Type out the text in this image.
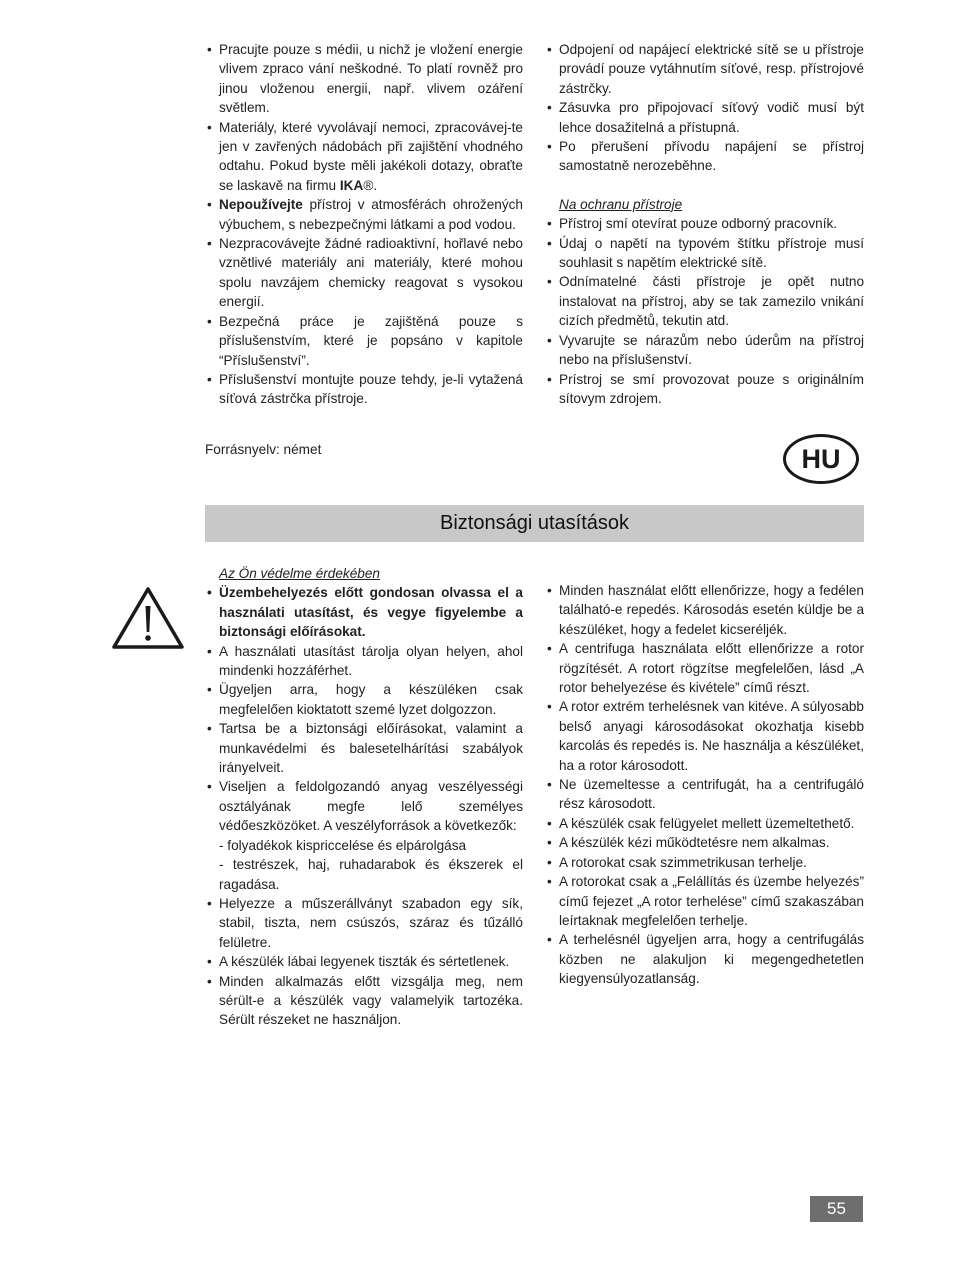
• Pracujte pouze s médii, u nichž je vložení energie vlivem zpraco vání neškodné. To platí rovněž pro jinou vloženou energii, např. vlivem ozáření světlem.
• Materiály, které vyvolávají nemoci, zpracovávej-te jen v zavřených nádobách při zajištění vhodného odtahu. Pokud byste měli jakékoli dotazy, obraťte se laskavě na firmu IKA®.
• Nepoužívejte přístroj v atmosférách ohrožených výbuchem, s nebezpečnými látkami a pod vodou.
• Nezpracovávejte žádné radioaktivní, hořlavé nebo vznětlivé materiály ani materiály, které mohou spolu navzájem chemicky reagovat s vysokou energií.
• Bezpečná práce je zajištěná pouze s příslušenstvím, které je popsáno v kapitole “Příslušenství”.
• Příslušenství montujte pouze tehdy, je-li vytažená síťová zástrčka přístroje.
• Odpojení od napájecí elektrické sítě se u přístroje provádí pouze vytáhnutím síťové, resp. přístrojové zástrčky.
• Zásuvka pro připojovací síťový vodič musí být lehce dosažitelná a přístupná.
• Po přerušení přívodu napájení se přístroj samostatně nerozeběhne.
Na ochranu přístroje
• Přístroj smí otevírat pouze odborný pracovník.
• Údaj o napětí na typovém štítku přístroje musí souhlasit s napětím elektrické sítě.
• Odnímatelné části přístroje je opět nutno instalovat na přístroj, aby se tak zamezilo vnikání cizích předmětů, tekutin atd.
• Vyvarujte se nárazům nebo úderům na přístroj nebo na příslušenství.
• Prístroj se smí provozovat pouze s originálním sítovym zdrojem.
Forrásnyelv: német	HU
Biztonsági utasítások
Az Ön védelme érdekében
• Üzembehelyezés előtt gondosan olvassa el a használati utasítást, és vegye figyelembe a biztonsági előírásokat.
• A használati utasítást tárolja olyan helyen, ahol mindenki hozzáférhet.
• Ügyeljen arra, hogy a készüléken csak megfelelően kioktatott szemé lyzet dolgozzon.
• Tartsa be a biztonsági előírásokat, valamint a munkavédelmi és balesetelhárítási szabályok irányelveit.
• Viseljen a feldolgozandó anyag veszélyességi osztályának megfe lelő személyes védőeszközöket. A veszélyforrások a következők:
- folyadékok kispriccelése és elpárolgása
- testrészek, haj, ruhadarabok és ékszerek el ragadása.
• Helyezze a műszerállványt szabadon egy sík, stabil, tiszta, nem csúszós, száraz és tűzálló felületre.
• A készülék lábai legyenek tiszták és sértetlenek.
• Minden alkalmazás előtt vizsgálja meg, nem sérült-e a készülék vagy valamelyik tartozéka. Sérült részeket ne használjon.
• Minden használat előtt ellenőrizze, hogy a fedélen található-e repedés. Károsodás esetén küldje be a készüléket, hogy a fedelet kicseréljék.
• A centrifuga használata előtt ellenőrizze a rotor rögzítését. A rotort rögzítse megfelelően, lásd „A rotor behelyezése és kivétele” című részt.
• A rotor extrém terhelésnek van kitéve. A súlyosabb belső anyagi károsodásokat okozhatja kisebb karcolás és repedés is. Ne használja a készüléket, ha a rotor károsodott.
• Ne üzemeltesse a centrifugát, ha a centrifugáló rész károsodott.
• A készülék csak felügyelet mellett üzemeltethető.
• A készülék kézi működtetésre nem alkalmas.
• A rotorokat csak szimmetrikusan terhelje.
• A rotorokat csak a „Felállítás és üzembe helyezés” című fejezet „A rotor terhelése” című szakaszában leírtaknak megfelelően terhelje.
• A terhelésnél ügyeljen arra, hogy a centrifugálás közben ne alakuljon ki megengedhetetlen kiegyensúlyozatlanság.
55
